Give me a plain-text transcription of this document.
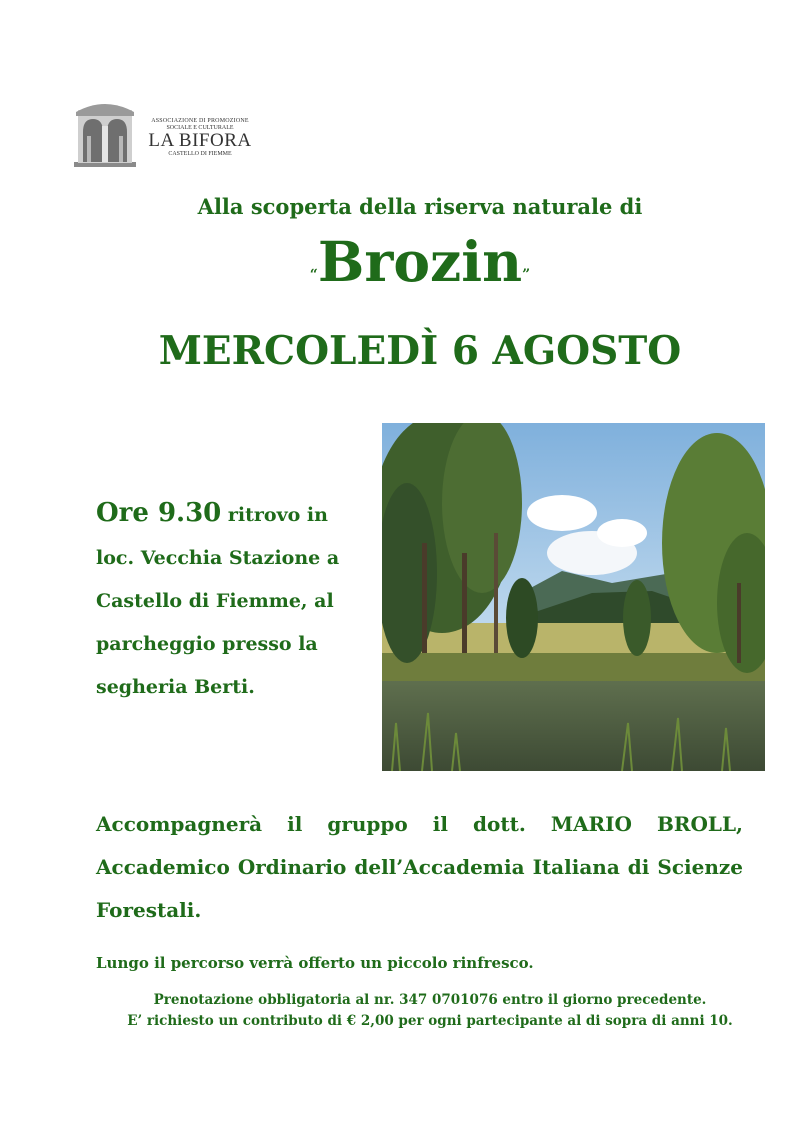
ASSOCIAZIONE DI PROMOZIONE
SOCIALE E CULTURALE
LA BIFORA
CASTELLO DI FIEMME
Alla scoperta della riserva naturale di
“Brozin”
MERCOLEDÌ 6 AGOSTO
Ore 9.30 ritrovo in
loc. Vecchia Stazione a
Castello di Fiemme, al
parcheggio presso la
segheria Berti.
Accompagnerà il gruppo il dott. MARIO BROLL, Accademico Ordinario dell’Accademia Italiana di Scienze Forestali.
Lungo il percorso verrà offerto un piccolo rinfresco.
Prenotazione obbligatoria al nr. 347 0701076 entro il giorno precedente.
E’ richiesto un contributo di € 2,00 per ogni partecipante al di sopra di anni 10.
